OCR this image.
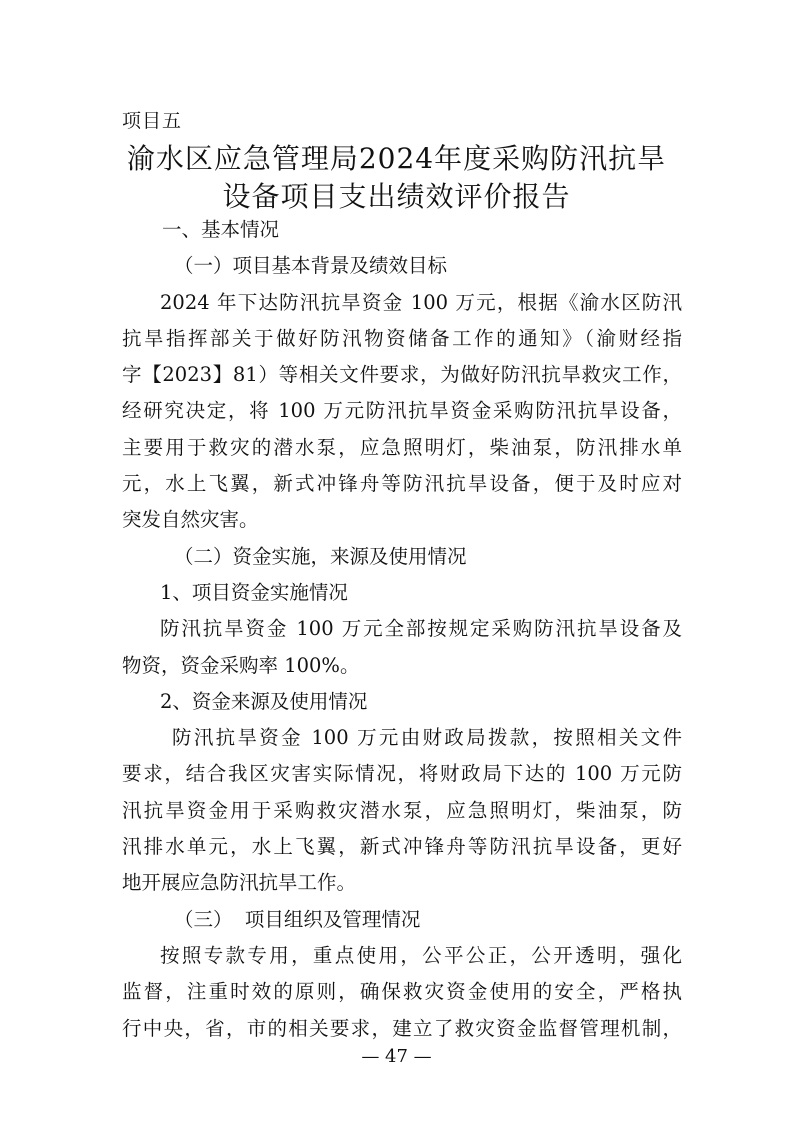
项目五
渝水区应急管理局2024年度采购防汛抗旱
设备项目支出绩效评价报告
一、基本情况
（一）项目基本背景及绩效目标
2024 年下达防汛抗旱资金 100 万元，根据《渝水区防汛
抗旱指挥部关于做好防汛物资储备工作的通知》（渝财经指
字【2023】81）等相关文件要求，为做好防汛抗旱救灾工作，
经研究决定，将 100 万元防汛抗旱资金采购防汛抗旱设备，
主要用于救灾的潜水泵，应急照明灯，柴油泵，防汛排水单
元，水上飞翼，新式冲锋舟等防汛抗旱设备，便于及时应对
突发自然灾害。
（二）资金实施，来源及使用情况
1、项目资金实施情况
防汛抗旱资金 100 万元全部按规定采购防汛抗旱设备及
物资，资金采购率 100%。
2、资金来源及使用情况
防汛抗旱资金 100 万元由财政局拨款，按照相关文件
要求，结合我区灾害实际情况，将财政局下达的 100 万元防
汛抗旱资金用于采购救灾潜水泵，应急照明灯，柴油泵，防
汛排水单元，水上飞翼，新式冲锋舟等防汛抗旱设备，更好
地开展应急防汛抗旱工作。
（三）  项目组织及管理情况
按照专款专用，重点使用，公平公正，公开透明，强化
监督，注重时效的原则，确保救灾资金使用的安全，严格执
行中央，省，市的相关要求，建立了救灾资金监督管理机制，
— 47 —
